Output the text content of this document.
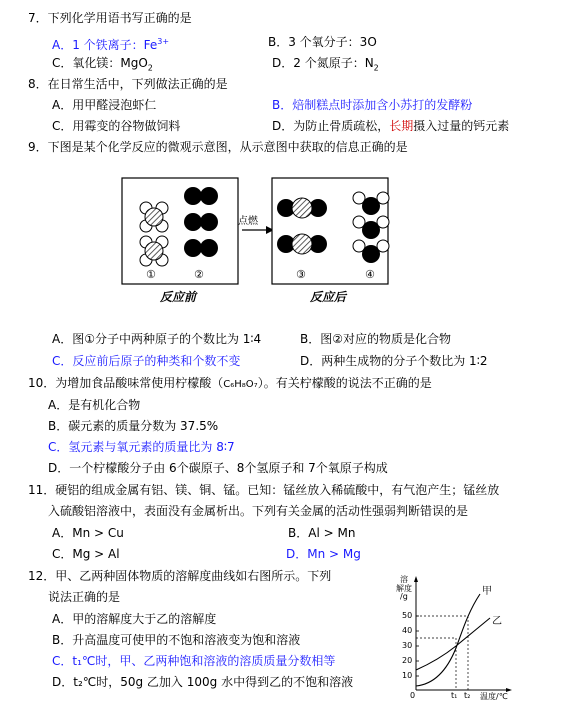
7．下列化学用语书写正确的是
A．1 个铁离子：$Fe^{3+}$	B．3 个氧分子：3O
C．氧化镁：MgO$_2$	D．2 个氮原子：$N_2$
8．在日常生活中，下列做法正确的是
A．用甲醛浸泡虾仁	B．焙制糕点时添加含小苏打的发酵粉
C．用霉变的谷物做饲料	D．为防止骨质疏松，长期摄入过量的钙元素
9．下图是某个化学反应的微观示意图，从示意图中获取的信息正确的是
点燃
①	②	③	④
反应前	反应后
A．图①分子中两种原子的个数比为 1∶4	B．图②对应的物质是化合物
C．反应前后原子的种类和个数不变	D．两种生成物的分子个数比为 1∶2
10．为增加食品酸味常使用柠檬酸（C₆H₈O₇）。有关柠檬酸的说法不正确的是
A．是有机化合物
B．碳元素的质量分数为 37.5%
C．氢元素与氧元素的质量比为 8∶7
D．一个柠檬酸分子由 6个碳原子、8个氢原子和 7个氧原子构成
11．硬铝的组成金属有铝、镁、铜、锰。已知：锰丝放入稀硫酸中，有气泡产生；锰丝放
入硫酸铝溶液中，表面没有金属析出。下列有关金属的活动性强弱判断错误的是
A．Mn > Cu	B．Al > Mn
C．Mg > Al	D．Mn > Mg
12．甲、乙两种固体物质的溶解度曲线如右图所示。下列
说法正确的是
A．甲的溶解度大于乙的溶解度
B．升高温度可使甲的不饱和溶液变为饱和溶液
C．t₁℃时，甲、乙两种饱和溶液的溶质质量分数相等
D．t₂℃时，50g 乙加入 100g 水中得到乙的不饱和溶液
溶
解度
/g
50
40
30
20
10
0	t₁ t₂ 温度/℃
甲
乙
